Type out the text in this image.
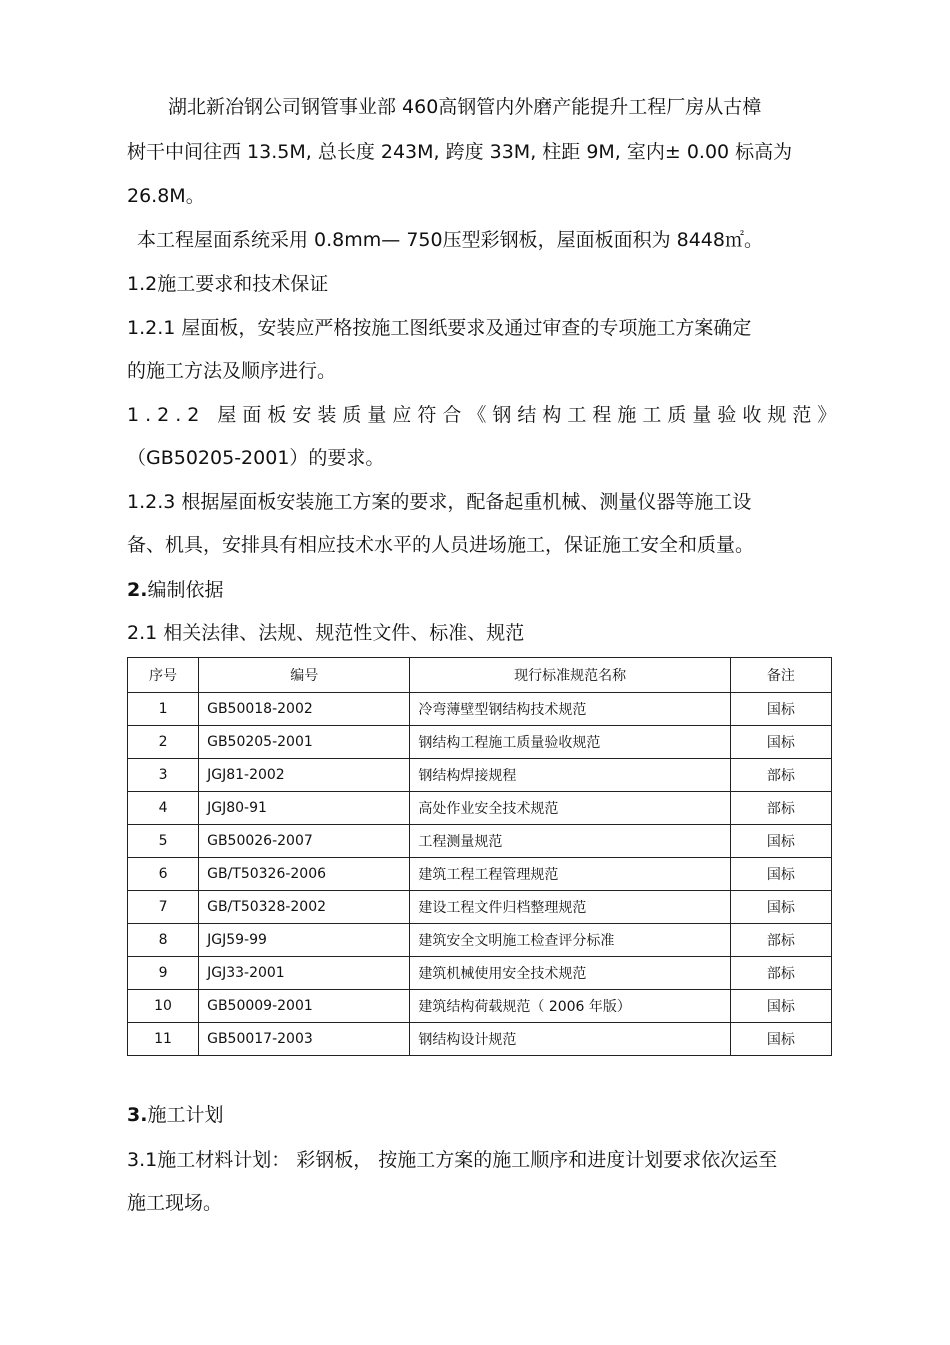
湖北新冶钢公司钢管事业部 460高钢管内外磨产能提升工程厂房从古樟
树干中间往西 13.5M, 总长度 243M, 跨度 33M, 柱距 9M, 室内± 0.00 标高为
26.8M。
本工程屋面系统采用 0.8mm— 750压型彩钢板，屋面板面积为 8448㎡。
1.2施工要求和技术保证
1.2.1 屋面板，安装应严格按施工图纸要求及通过审查的专项施工方案确定
的施工方法及顺序进行。
1.2.2 屋面板安装质量应符合《钢结构工程施工质量验收规范》
（GB50205-2001）的要求。
1.2.3 根据屋面板安装施工方案的要求，配备起重机械、测量仪器等施工设
备、机具，安排具有相应技术水平的人员进场施工，保证施工安全和质量。
2.编制依据
2.1 相关法律、法规、规范性文件、标准、规范
序号	编号	现行标准规范名称	备注
1	GB50018-2002	冷弯薄壁型钢结构技术规范	国标
2	GB50205-2001	钢结构工程施工质量验收规范	国标
3	JGJ81-2002	钢结构焊接规程	部标
4	JGJ80-91	高处作业安全技术规范	部标
5	GB50026-2007	工程测量规范	国标
6	GB/T50326-2006	建筑工程工程管理规范	国标
7	GB/T50328-2002	建设工程文件归档整理规范	国标
8	JGJ59-99	建筑安全文明施工检查评分标准	部标
9	JGJ33-2001	建筑机械使用安全技术规范	部标
10	GB50009-2001	建筑结构荷载规范（ 2006 年版）	国标
11	GB50017-2003	钢结构设计规范	国标
3.施工计划
3.1施工材料计划： 彩钢板， 按施工方案的施工顺序和进度计划要求依次运至
施工现场。
